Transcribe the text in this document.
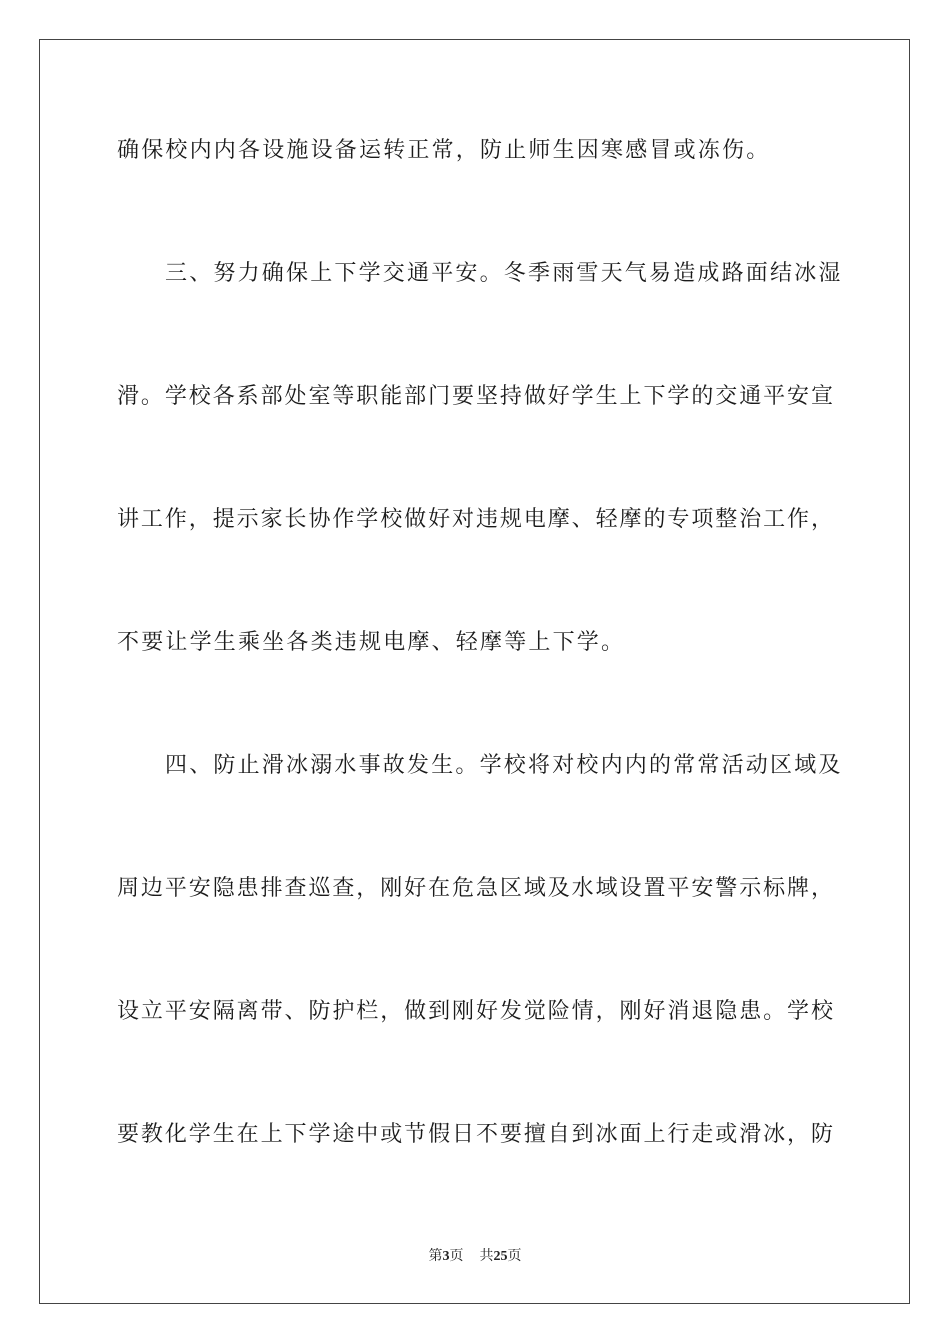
确保校内内各设施设备运转正常，防止师生因寒感冒或冻伤。
三、努力确保上下学交通平安。冬季雨雪天气易造成路面结冰湿
滑。学校各系部处室等职能部门要坚持做好学生上下学的交通平安宣
讲工作，提示家长协作学校做好对违规电摩、轻摩的专项整治工作，
不要让学生乘坐各类违规电摩、轻摩等上下学。
四、防止滑冰溺水事故发生。学校将对校内内的常常活动区域及
周边平安隐患排查巡查，刚好在危急区域及水域设置平安警示标牌，
设立平安隔离带、防护栏，做到刚好发觉险情，刚好消退隐患。学校
要教化学生在上下学途中或节假日不要擅自到冰面上行走或滑冰，防
第3页 共25页
